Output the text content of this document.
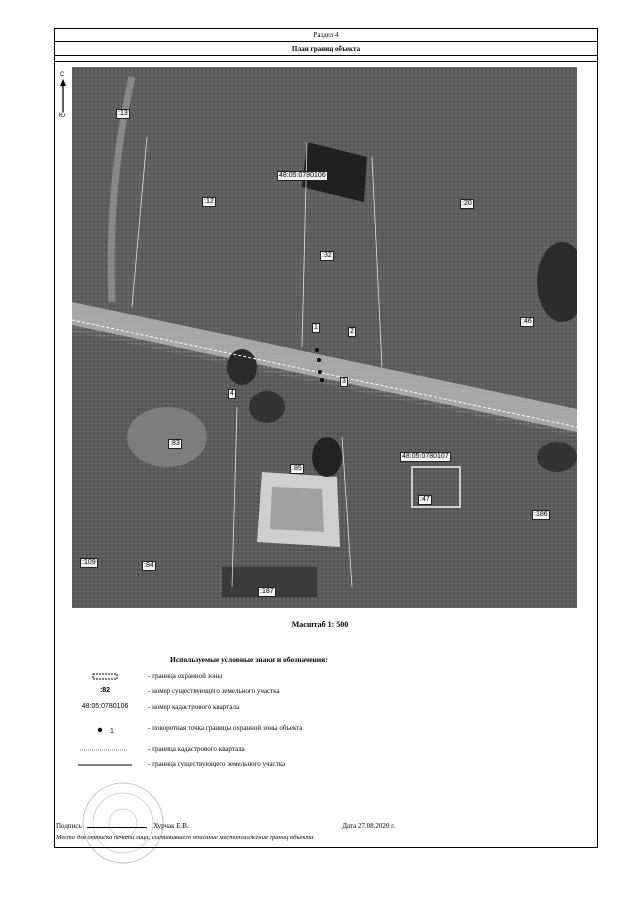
Раздел 4
План границ объекта
С
Ю	:13
48:05:0780106
:12	:20
:32
1
2
:46
3
4
:83
:85
48:05:0780107
:47
:186
:109	:84
:187
Масштаб 1: 500
Используемые условные знаки и обозначения:
- граница охранной зоны
:82	- номер существующего земельного участка
48:05:0780106	- номер кадастрового квартала
1	- поворотная точка границы охранной зоны объекта
- граница кадастрового квартала
- граница существующего земельного участка
Подпись	Хурчак Е.В.	Дата 27.08.2020 г.
Место для оттиска печати лица, составившего описание местоположения границ объекта
